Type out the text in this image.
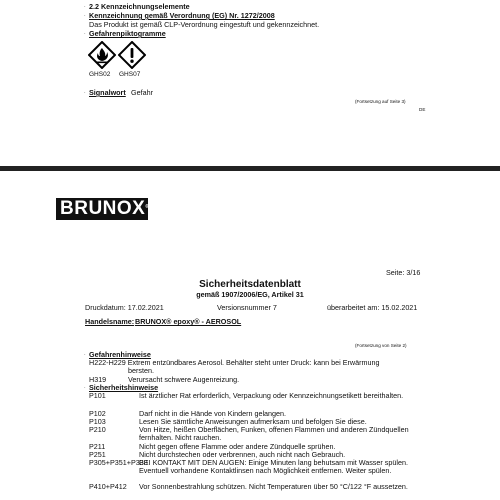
· 2.2 Kennzeichnungselemente
· Kennzeichnung gemäß Verordnung (EG) Nr. 1272/2008
Das Produkt ist gemäß CLP-Verordnung eingestuft und gekennzeichnet.
· Gefahrenpiktogramme
GHS02 GHS07
· Signalwort Gefahr
(Fortsetzung auf Seite 3)
DE
BRUNOX®
Seite: 3/16
Sicherheitsdatenblatt
gemäß 1907/2006/EG, Artikel 31
Druckdatum: 17.02.2021	Versionsnummer 7	überarbeitet am: 15.02.2021
Handelsname: BRUNOX® epoxy® - AEROSOL
(Fortsetzung von Seite 2)
· Gefahrenhinweise
H222-H229 Extrem entzündbares Aerosol. Behälter steht unter Druck: kann bei Erwärmung
bersten.
H319	Verursacht schwere Augenreizung.
· Sicherheitshinweise
P101	Ist ärztlicher Rat erforderlich, Verpackung oder Kennzeichnungsetikett bereithalten.
P102	Darf nicht in die Hände von Kindern gelangen.
P103	Lesen Sie sämtliche Anweisungen aufmerksam und befolgen Sie diese.
P210	Von Hitze, heißen Oberflächen, Funken, offenen Flammen und anderen Zündquellen fernhalten. Nicht rauchen.
P211	Nicht gegen offene Flamme oder andere Zündquelle sprühen.
P251	Nicht durchstechen oder verbrennen, auch nicht nach Gebrauch.
P305+P351+P338
BEI KONTAKT MIT DEN AUGEN: Einige Minuten lang behutsam mit Wasser spülen. Eventuell vorhandene Kontaktlinsen nach Möglichkeit entfernen. Weiter spülen.
P410+P412 Vor Sonnenbestrahlung schützen. Nicht Temperaturen über 50 °C/122 °F aussetzen.
